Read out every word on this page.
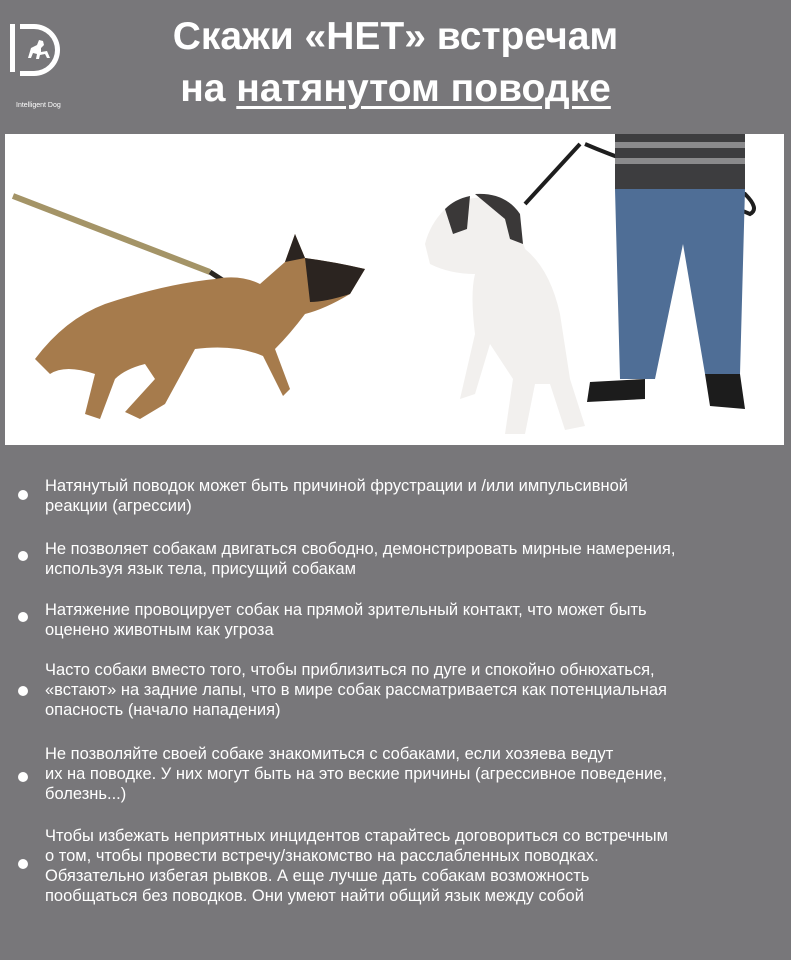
Intelligent Dog
Скажи «НЕТ» встречам
на натянутом поводке
Натянутый поводок может быть причиной фрустрации и /или импульсивной
реакции (агрессии)
Не позволяет собакам двигаться свободно, демонстрировать мирные намерения,
используя язык тела, присущий собакам
Натяжение провоцирует собак на прямой зрительный контакт, что может быть
оценено животным как угроза
Часто собаки вместо того, чтобы приблизиться по дуге и спокойно обнюхаться,
«встают» на задние лапы, что в мире собак рассматривается как потенциальная
опасность (начало нападения)
Не позволяйте своей собаке знакомиться с собаками, если хозяева ведут
их на поводке. У них могут быть на это веские причины (агрессивное поведение,
болезнь...)
Чтобы избежать неприятных инцидентов старайтесь договориться со встречным
о том, чтобы провести встречу/знакомство на расслабленных поводках.
Обязательно избегая рывков. А еще лучше дать собакам возможность
пообщаться без поводков. Они умеют найти общий язык между собой
